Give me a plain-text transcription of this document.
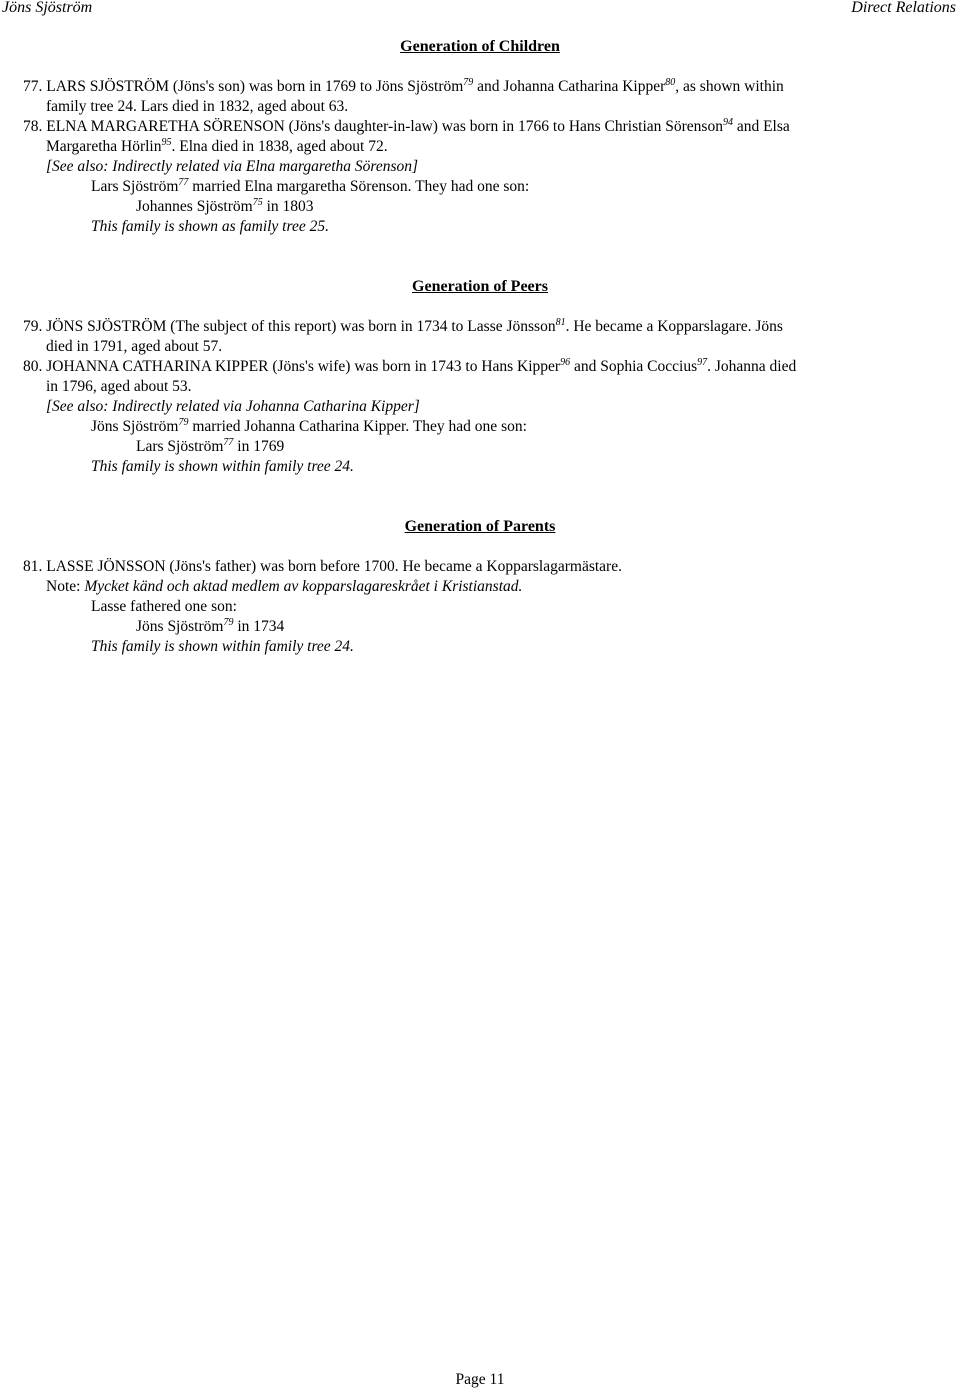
Jöns Sjöström	Direct Relations
Generation of Children
77. LARS SJÖSTRÖM (Jöns's son) was born in 1769 to Jöns Sjöström$^{79}$ and Johanna Catharina Kipper$^{80}$, as shown within
family tree 24. Lars died in 1832, aged about 63.
78. ELNA MARGARETHA SÖRENSON (Jöns's daughter-in-law) was born in 1766 to Hans Christian Sörenson$^{94}$ and Elsa
Margaretha Hörlin$^{95}$. Elna died in 1838, aged about 72.
[See also: Indirectly related via Elna margaretha Sörenson]
Lars Sjöström$^{77}$ married Elna margaretha Sörenson. They had one son:
Johannes Sjöström$^{75}$ in 1803
This family is shown as family tree 25.
Generation of Peers
79. JÖNS SJÖSTRÖM (The subject of this report) was born in 1734 to Lasse Jönsson$^{81}$. He became a Kopparslagare. Jöns
died in 1791, aged about 57.
80. JOHANNA CATHARINA KIPPER (Jöns's wife) was born in 1743 to Hans Kipper$^{96}$ and Sophia Coccius$^{97}$. Johanna died
in 1796, aged about 53.
[See also: Indirectly related via Johanna Catharina Kipper]
Jöns Sjöström$^{79}$ married Johanna Catharina Kipper. They had one son:
Lars Sjöström$^{77}$ in 1769
This family is shown within family tree 24.
Generation of Parents
81. LASSE JÖNSSON (Jöns's father) was born before 1700. He became a Kopparslagarmästare.
Note: Mycket känd och aktad medlem av kopparslagareskrået i Kristianstad.
Lasse fathered one son:
Jöns Sjöström$^{79}$ in 1734
This family is shown within family tree 24.
Page 11
